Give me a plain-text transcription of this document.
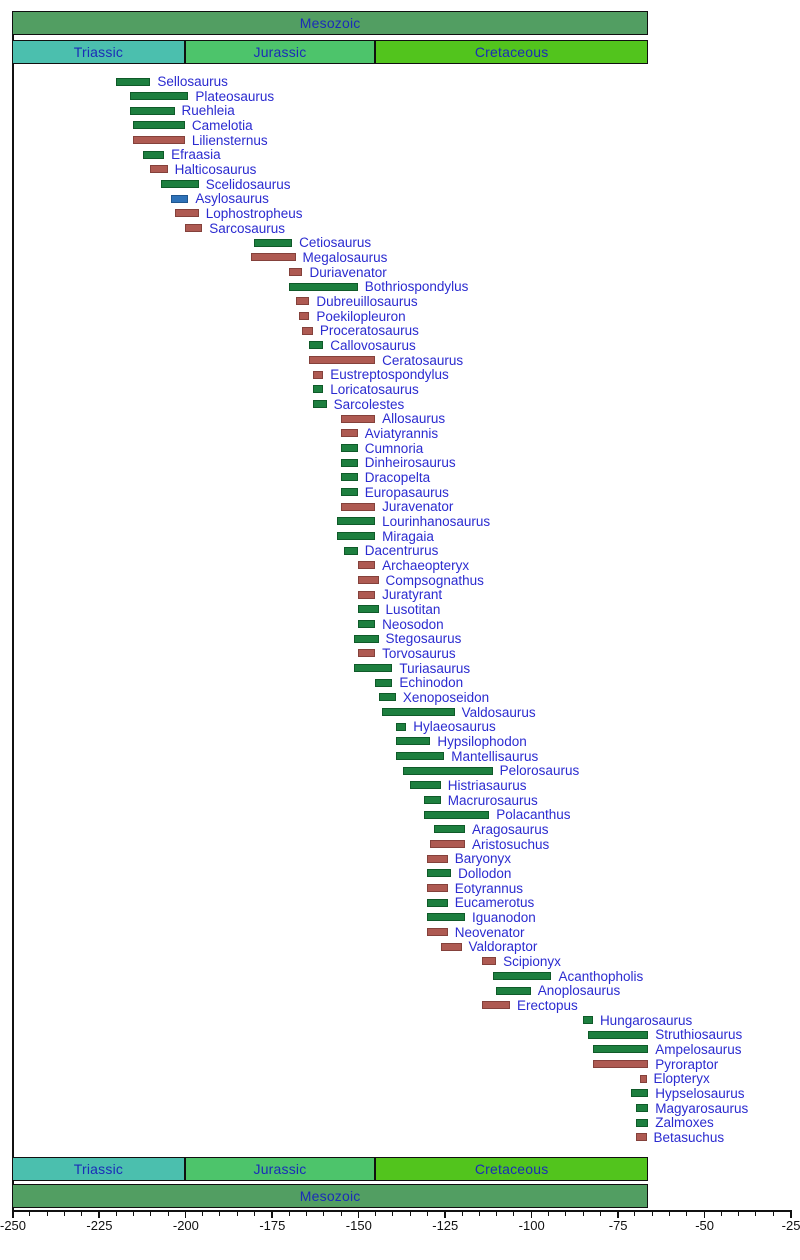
Mesozoic
Triassic	Jurassic	Cretaceous
Sellosaurus
Plateosaurus
Ruehleia
Camelotia
Liliensternus
Efraasia
Halticosaurus
Scelidosaurus
Asylosaurus
Lophostropheus
Sarcosaurus
Cetiosaurus
Megalosaurus
Duriavenator
Bothriospondylus
Dubreuillosaurus
Poekilopleuron
Proceratosaurus
Callovosaurus
Ceratosaurus
Eustreptospondylus
Loricatosaurus
Sarcolestes
Allosaurus
Aviatyrannis
Cumnoria
Dinheirosaurus
Dracopelta
Europasaurus
Juravenator
Lourinhanosaurus
Miragaia
Dacentrurus
Archaeopteryx
Compsognathus
Juratyrant
Lusotitan
Neosodon
Stegosaurus
Torvosaurus
Turiasaurus
Echinodon
Xenoposeidon
Valdosaurus
Hylaeosaurus
Hypsilophodon
Mantellisaurus
Pelorosaurus
Histriasaurus
Macrurosaurus
Polacanthus
Aragosaurus
Aristosuchus
Baryonyx
Dollodon
Eotyrannus
Eucamerotus
Iguanodon
Neovenator
Valdoraptor
Scipionyx
Acanthopholis
Anoplosaurus
Erectopus
Hungarosaurus
Struthiosaurus
Ampelosaurus
Pyroraptor
Elopteryx
Hypselosaurus
Magyarosaurus
Zalmoxes
Betasuchus
Triassic	Jurassic	Cretaceous
Mesozoic
-250	-225	-200	-175	-150	-125	-100	-75	-50	-25
